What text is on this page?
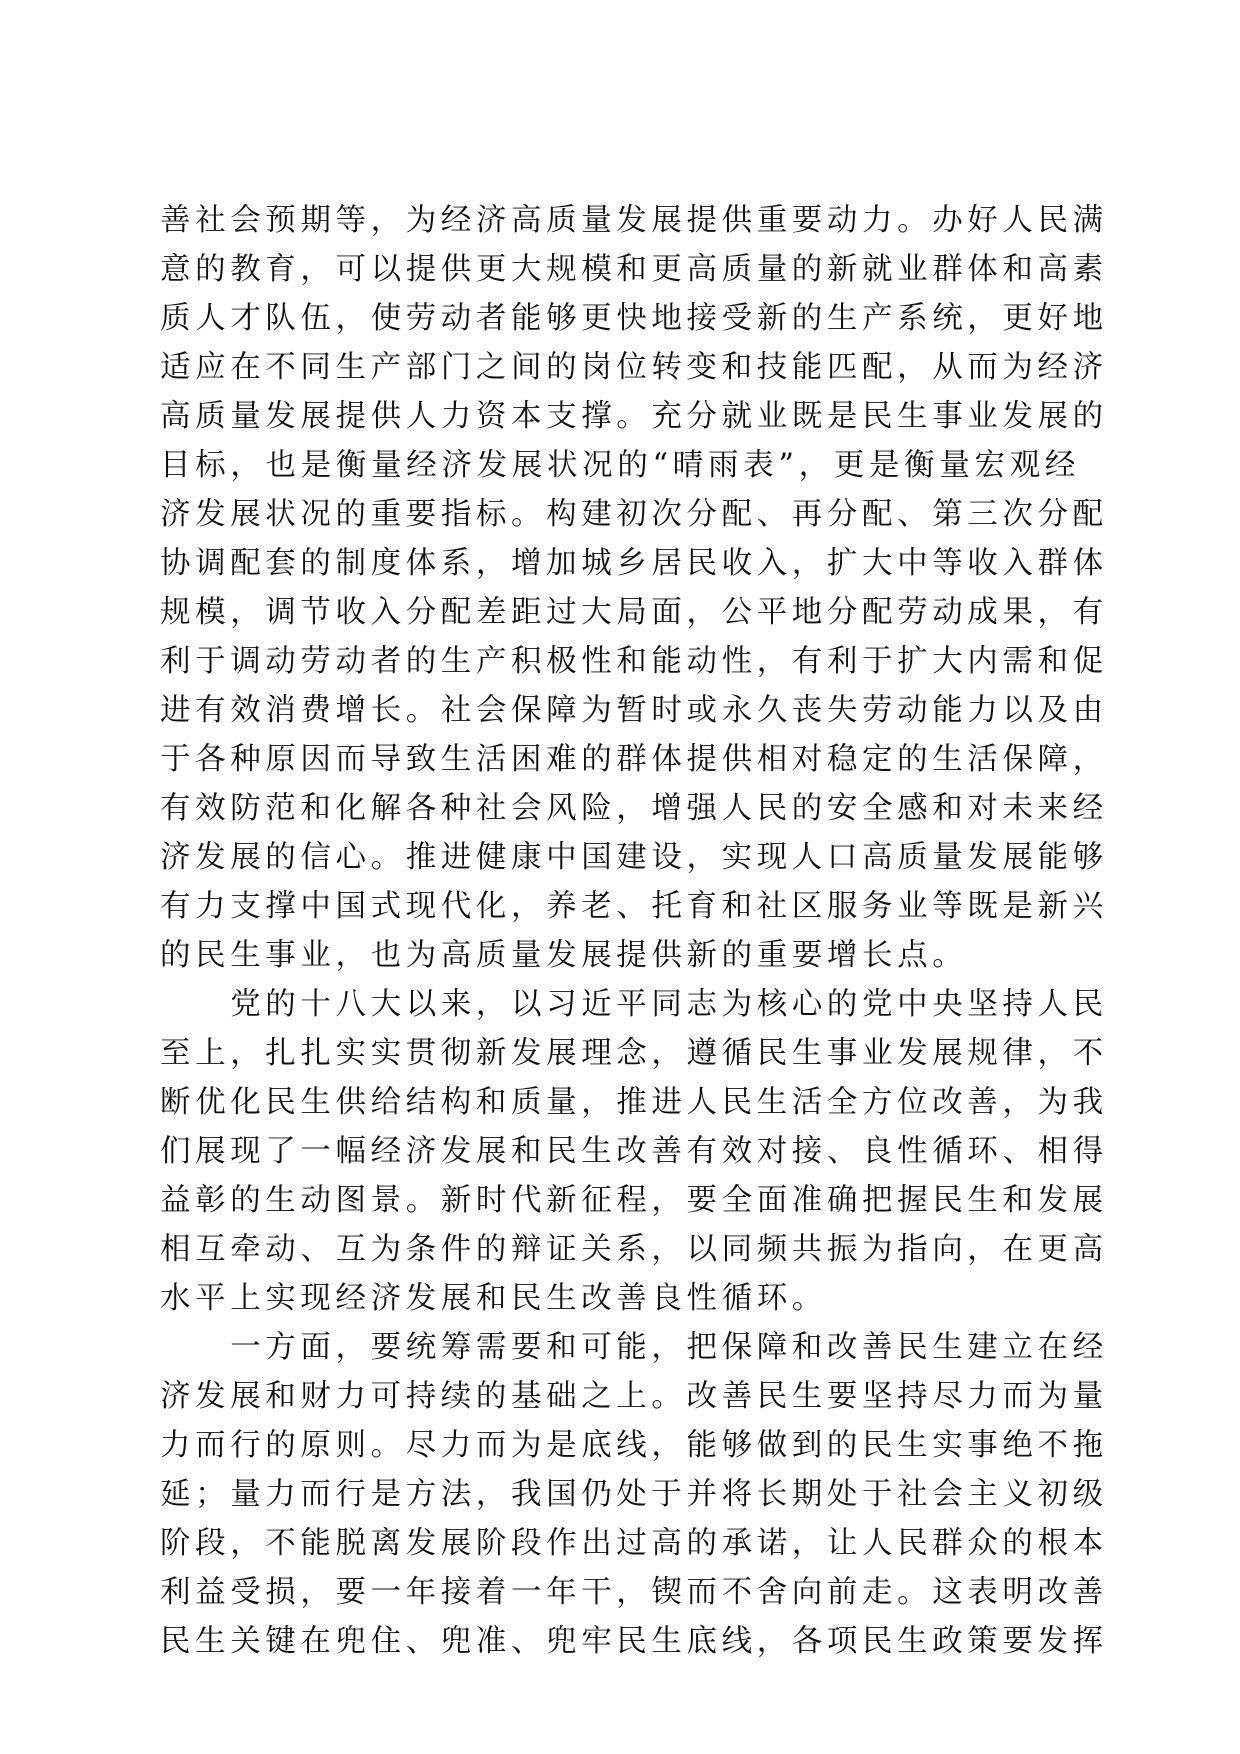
善社会预期等，为经济高质量发展提供重要动力。办好人民满
意的教育，可以提供更大规模和更高质量的新就业群体和高素
质人才队伍，使劳动者能够更快地接受新的生产系统，更好地
适应在不同生产部门之间的岗位转变和技能匹配，从而为经济
高质量发展提供人力资本支撑。充分就业既是民生事业发展的
目标，也是衡量经济发展状况的“晴雨表”，更是衡量宏观经
济发展状况的重要指标。构建初次分配、再分配、第三次分配
协调配套的制度体系，增加城乡居民收入，扩大中等收入群体
规模，调节收入分配差距过大局面，公平地分配劳动成果，有
利于调动劳动者的生产积极性和能动性，有利于扩大内需和促
进有效消费增长。社会保障为暂时或永久丧失劳动能力以及由
于各种原因而导致生活困难的群体提供相对稳定的生活保障，
有效防范和化解各种社会风险，增强人民的安全感和对未来经
济发展的信心。推进健康中国建设，实现人口高质量发展能够
有力支撑中国式现代化，养老、托育和社区服务业等既是新兴
的民生事业，也为高质量发展提供新的重要增长点。
　　党的十八大以来，以习近平同志为核心的党中央坚持人民
至上，扎扎实实贯彻新发展理念，遵循民生事业发展规律，不
断优化民生供给结构和质量，推进人民生活全方位改善，为我
们展现了一幅经济发展和民生改善有效对接、良性循环、相得
益彰的生动图景。新时代新征程，要全面准确把握民生和发展
相互牵动、互为条件的辩证关系，以同频共振为指向，在更高
水平上实现经济发展和民生改善良性循环。
　　一方面，要统筹需要和可能，把保障和改善民生建立在经
济发展和财力可持续的基础之上。改善民生要坚持尽力而为量
力而行的原则。尽力而为是底线，能够做到的民生实事绝不拖
延；量力而行是方法，我国仍处于并将长期处于社会主义初级
阶段，不能脱离发展阶段作出过高的承诺，让人民群众的根本
利益受损，要一年接着一年干，锲而不舍向前走。这表明改善
民生关键在兜住、兜准、兜牢民生底线，各项民生政策要发挥
